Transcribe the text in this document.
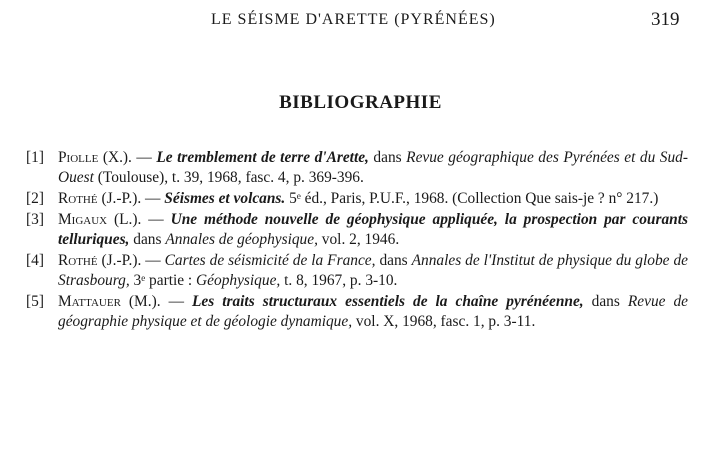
LE SÉISME D'ARETTE (PYRÉNÉES)	319
BIBLIOGRAPHIE
[1] Piolle (X.). — Le tremblement de terre d'Arette, dans Revue géographique des Pyrénées et du Sud-Ouest (Toulouse), t. 39, 1968, fasc. 4, p. 369-396.
[2] Rothé (J.-P.). — Séismes et volcans. 5ᵉ éd., Paris, P.U.F., 1968. (Collection Que sais-je ? n° 217.)
[3] Migaux (L.). — Une méthode nouvelle de géophysique appliquée, la prospection par courants telluriques, dans Annales de géophysique, vol. 2, 1946.
[4] Rothé (J.-P.). — Cartes de séismicité de la France, dans Annales de l'Institut de physique du globe de Strasbourg, 3ᵉ partie : Géophysique, t. 8, 1967, p. 3-10.
[5] Mattauer (M.). — Les traits structuraux essentiels de la chaîne pyrénéenne, dans Revue de géographie physique et de géologie dynamique, vol. X, 1968, fasc. 1, p. 3-11.
